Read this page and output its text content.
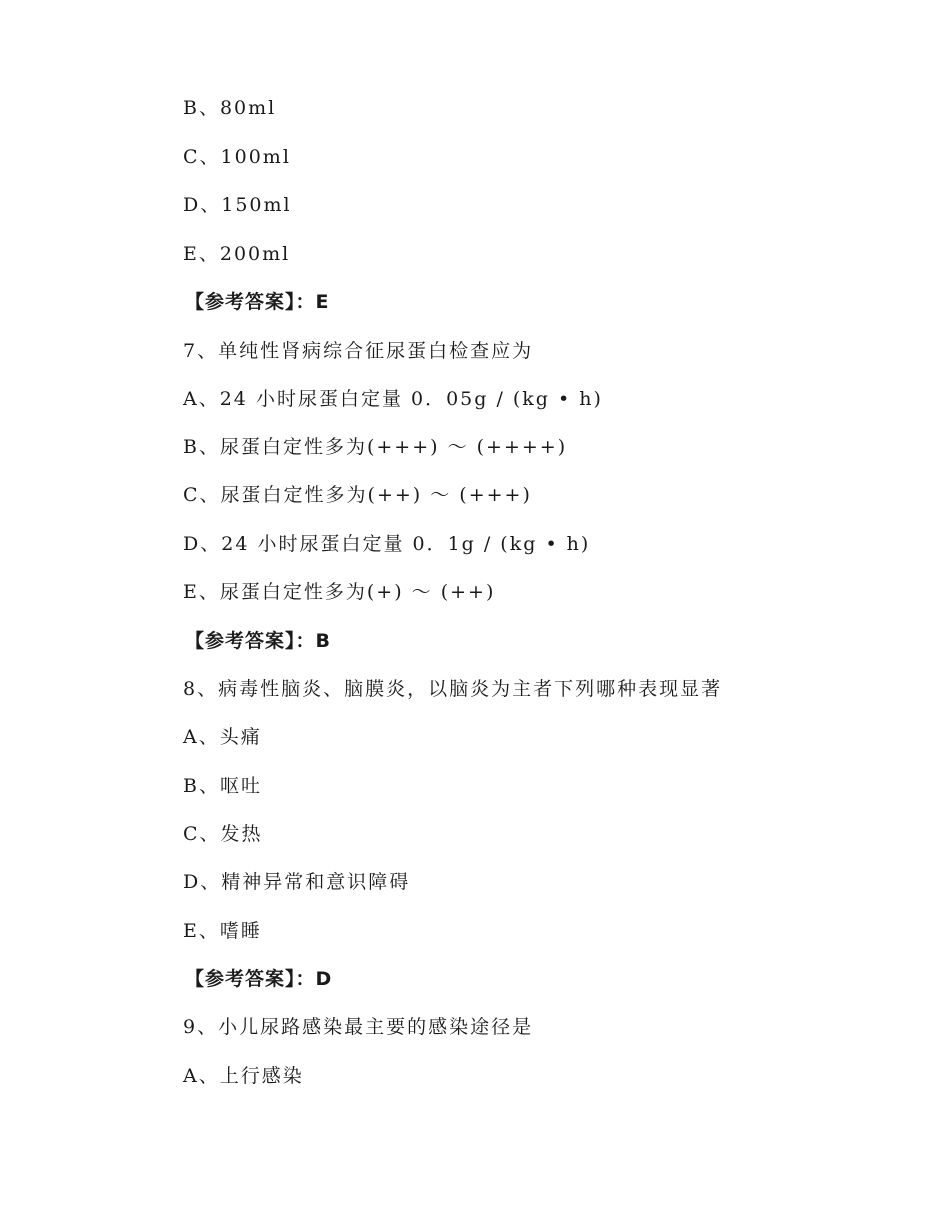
B、80ml
C、100ml
D、150ml
E、200ml
【参考答案】：E
7、单纯性肾病综合征尿蛋白检查应为
A、24 小时尿蛋白定量 0．05g / (kg • h)
B、尿蛋白定性多为(+++) ～ (++++)
C、尿蛋白定性多为(++) ～ (+++)
D、24 小时尿蛋白定量 0．1g / (kg • h)
E、尿蛋白定性多为(+) ～ (++)
【参考答案】：B
8、病毒性脑炎、脑膜炎，以脑炎为主者下列哪种表现显著
A、头痛
B、呕吐
C、发热
D、精神异常和意识障碍
E、嗜睡
【参考答案】：D
9、小儿尿路感染最主要的感染途径是
A、上行感染
